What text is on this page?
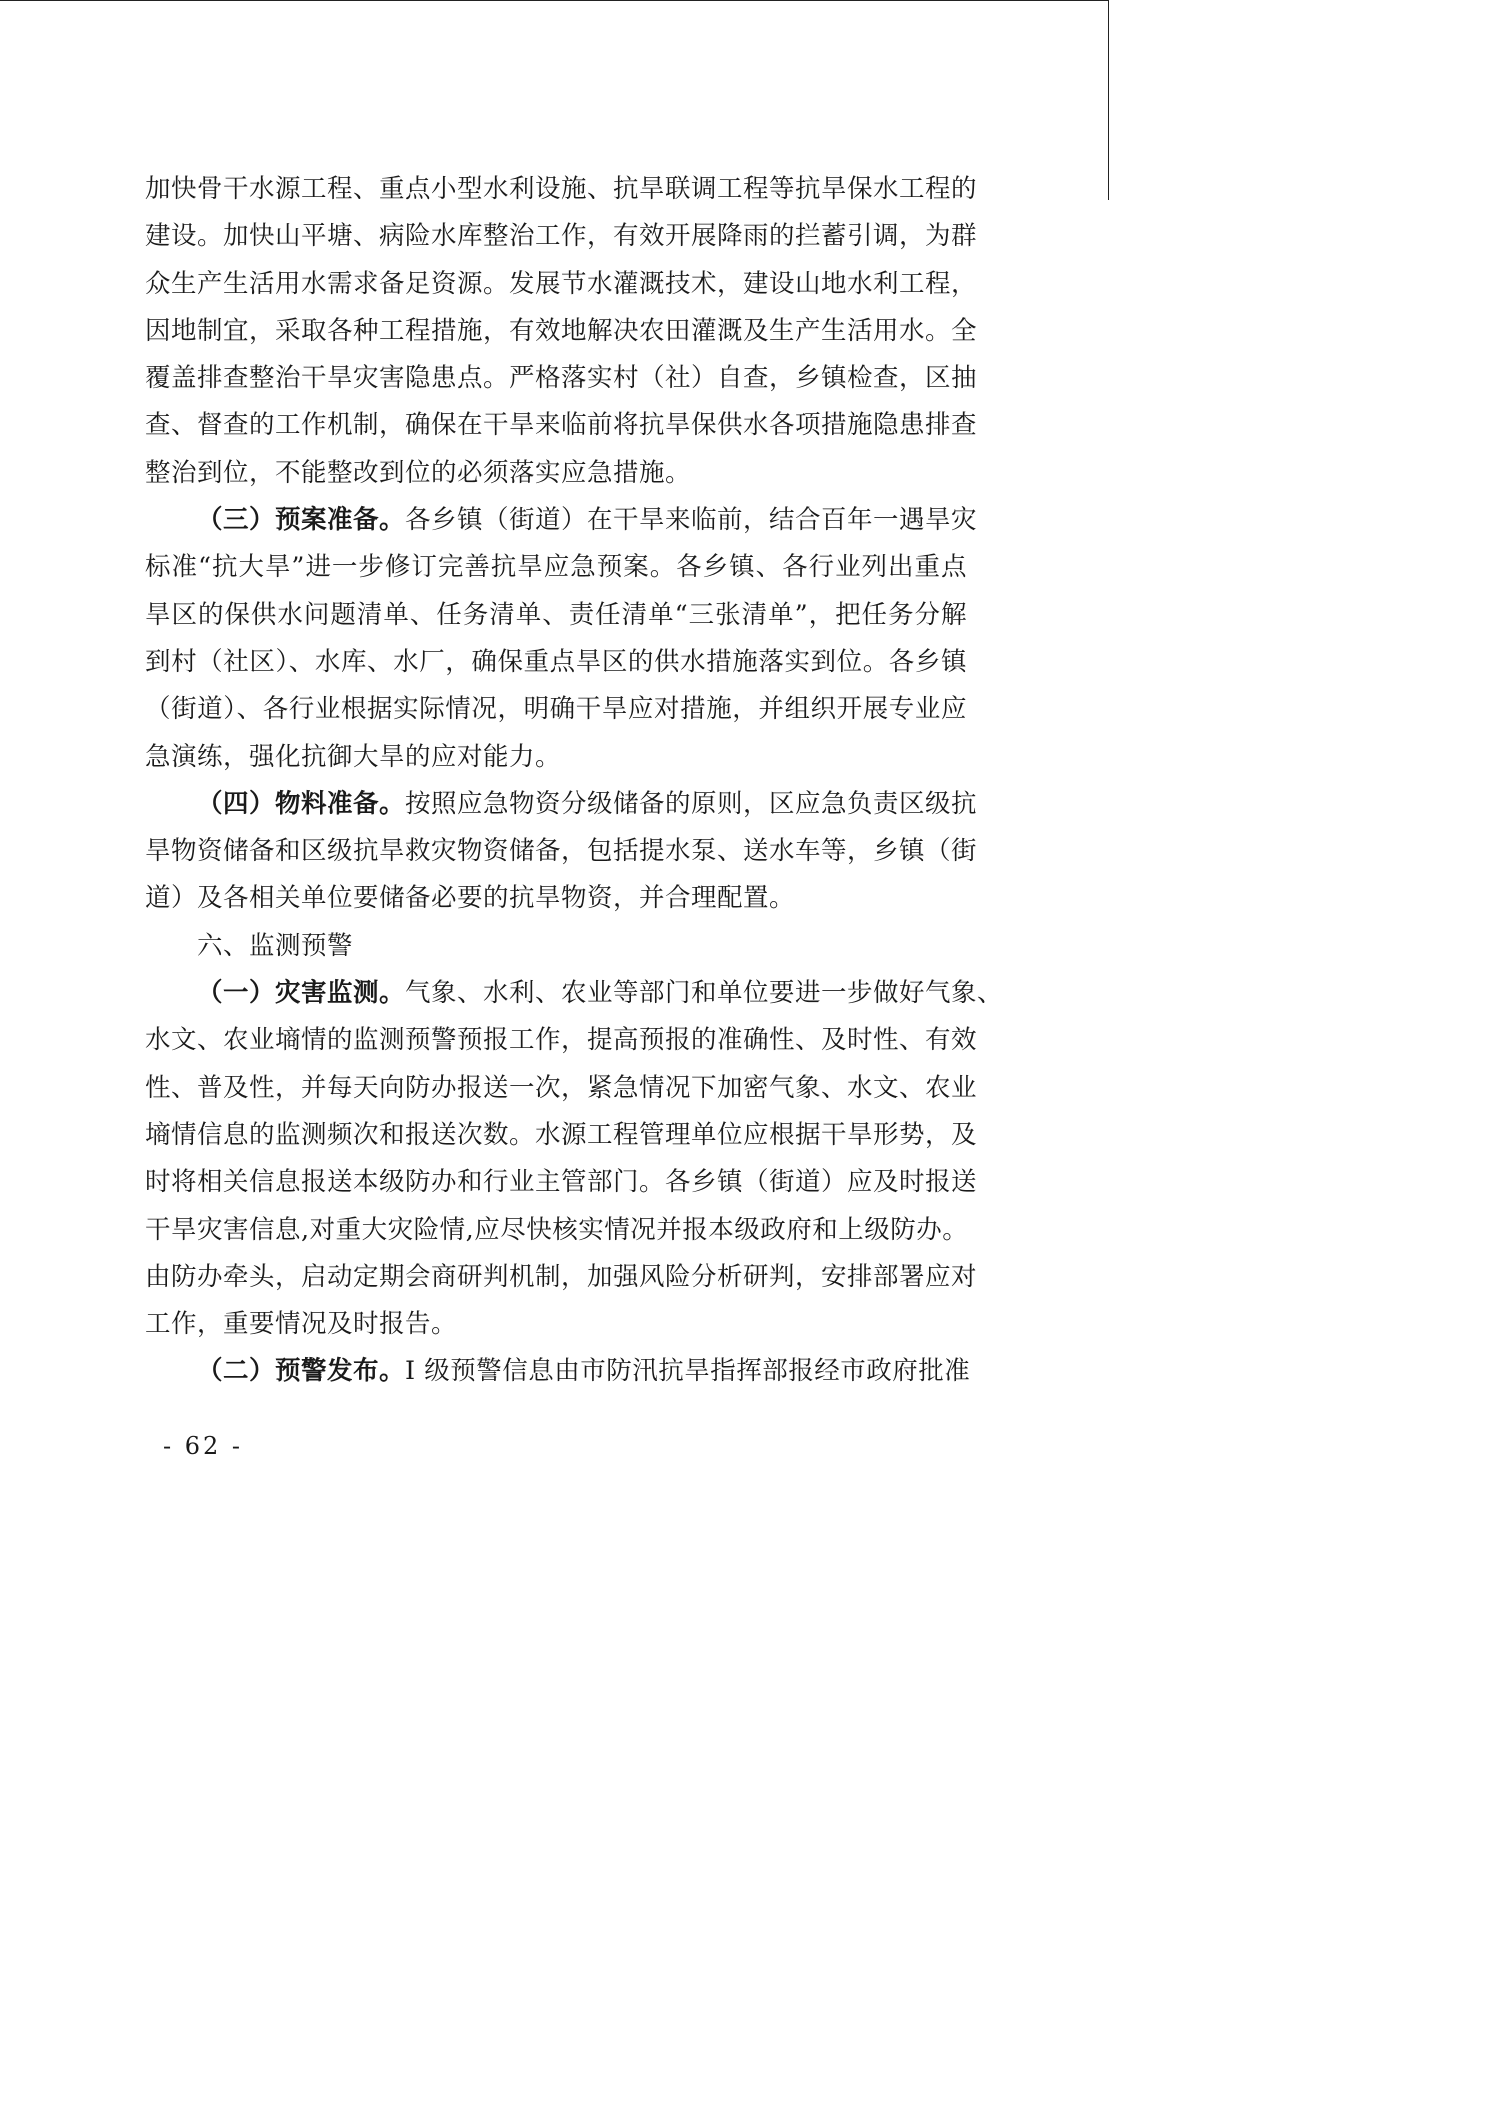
加快骨干水源工程、重点小型水利设施、抗旱联调工程等抗旱保水工程的
建设。加快山平塘、病险水库整治工作，有效开展降雨的拦蓄引调，为群
众生产生活用水需求备足资源。发展节水灌溉技术，建设山地水利工程，
因地制宜，采取各种工程措施，有效地解决农田灌溉及生产生活用水。全
覆盖排查整治干旱灾害隐患点。严格落实村（社）自查，乡镇检查，区抽
查、督查的工作机制，确保在干旱来临前将抗旱保供水各项措施隐患排查
整治到位，不能整改到位的必须落实应急措施。
（三）预案准备。各乡镇（街道）在干旱来临前，结合百年一遇旱灾
标准“抗大旱”进一步修订完善抗旱应急预案。各乡镇、各行业列出重点
旱区的保供水问题清单、任务清单、责任清单“三张清单”，把任务分解
到村（社区）、水库、水厂，确保重点旱区的供水措施落实到位。各乡镇
（街道）、各行业根据实际情况，明确干旱应对措施，并组织开展专业应
急演练，强化抗御大旱的应对能力。
（四）物料准备。按照应急物资分级储备的原则，区应急负责区级抗
旱物资储备和区级抗旱救灾物资储备，包括提水泵、送水车等，乡镇（街
道）及各相关单位要储备必要的抗旱物资，并合理配置。
六、监测预警
（一）灾害监测。气象、水利、农业等部门和单位要进一步做好气象、
水文、农业墒情的监测预警预报工作，提高预报的准确性、及时性、有效
性、普及性，并每天向防办报送一次，紧急情况下加密气象、水文、农业
墒情信息的监测频次和报送次数。水源工程管理单位应根据干旱形势，及
时将相关信息报送本级防办和行业主管部门。各乡镇（街道）应及时报送
干旱灾害信息,对重大灾险情,应尽快核实情况并报本级政府和上级防办。
由防办牵头，启动定期会商研判机制，加强风险分析研判，安排部署应对
工作，重要情况及时报告。
（二）预警发布。I 级预警信息由市防汛抗旱指挥部报经市政府批准
- 62 -
